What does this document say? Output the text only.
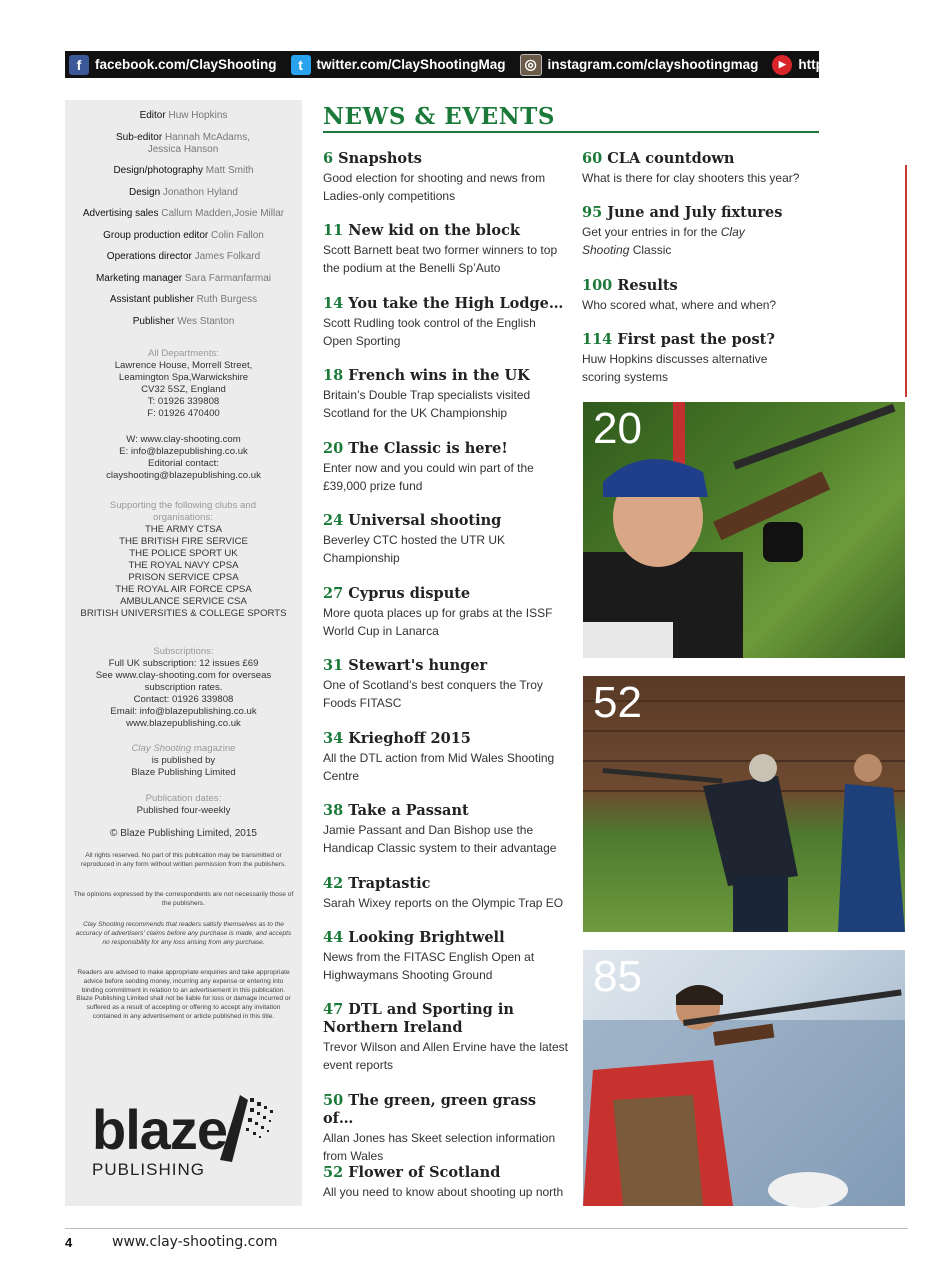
f	facebook.com/ClayShooting	t	twitter.com/ClayShootingMag	◎ instagram.com/clayshootingmag	▶ http://goo.gl/vxKYKJ
Editor Huw Hopkins
Sub-editor Hannah McAdams, Jessica Hanson
Design/photography Matt Smith
Design Jonathon Hyland
Advertising sales Callum Madden,Josie Millar
Group production editor Colin Fallon
Operations director James Folkard
Marketing manager Sara Farmanfarmai
Assistant publisher Ruth Burgess
Publisher Wes Stanton
All Departments:
Lawrence House, Morrell Street,
Leamington Spa,Warwickshire
CV32 5SZ, England
T: 01926 339808
F: 01926 470400
W: www.clay-shooting.com
E: info@blazepublishing.co.uk
Editorial contact:
clayshooting@blazepublishing.co.uk
Supporting the following clubs and organisations:
THE ARMY CTSA
THE BRITISH FIRE SERVICE
THE POLICE SPORT UK
THE ROYAL NAVY CPSA
PRISON SERVICE CPSA
THE ROYAL AIR FORCE CPSA
AMBULANCE SERVICE CSA
BRITISH UNIVERSITIES & COLLEGE SPORTS
Subscriptions:
Full UK subscription: 12 issues £69
See www.clay-shooting.com for overseas
subscription rates.
Contact: 01926 339808
Email: info@blazepublishing.co.uk
www.blazepublishing.co.uk
Clay Shooting magazine
is published by
Blaze Publishing Limited
Publication dates:
Published four-weekly
© Blaze Publishing Limited, 2015
All rights reserved. No part of this publication may be transmitted or reproduced in any form without written permission from the publishers.
The opinions expressed by the correspondents are not necessarily those of the publishers.
Clay Shooting recommends that readers satisfy themselves as to the accuracy of advertisers' claims before any purchase is made, and accepts no responsibility for any loss arising from any purchase.
Readers are advised to make appropriate enquiries and take appropriate advice before sending money, incurring any expense or entering into binding commitment in relation to an advertisement in this publication. Blaze Publishing Limited shall not be liable for loss or damage incurred or suffered as a result of accepting or offering to accept any invitation contained in any advertisement or article published in this title.
blaze
PUBLISHING
NEWS & EVENTS
6 Snapshots
Good election for shooting and news from Ladies-only competitions
11 New kid on the block
Scott Barnett beat two former winners to top the podium at the Benelli Sp’Auto
14 You take the High Lodge…
Scott Rudling took control of the English Open Sporting
18 French wins in the UK
Britain’s Double Trap specialists visited Scotland for the UK Championship
20 The Classic is here!
Enter now and you could win part of the £39,000 prize fund
24 Universal shooting
Beverley CTC hosted the UTR UK Championship
27 Cyprus dispute
More quota places up for grabs at the ISSF World Cup in Lanarca
31 Stewart's hunger
One of Scotland’s best conquers the Troy Foods FITASC
34 Krieghoff 2015
All the DTL action from Mid Wales Shooting Centre
38 Take a Passant
Jamie Passant and Dan Bishop use the Handicap Classic system to their advantage
42 Traptastic
Sarah Wixey reports on the Olympic Trap EO
44 Looking Brightwell
News from the FITASC English Open at Highwaymans Shooting Ground
47 DTL and Sporting in Northern Ireland
Trevor Wilson and Allen Ervine have the latest event reports
50 The green, green grass of…
Allan Jones has Skeet selection information from Wales
52 Flower of Scotland
All you need to know about shooting up north
60 CLA countdown
What is there for clay shooters this year?
95 June and July fixtures
Get your entries in for the Clay Shooting Classic
100 Results
Who scored what, where and when?
114 First past the post?
Huw Hopkins discusses alternative scoring systems
20
52
85
4	www.clay-shooting.com
